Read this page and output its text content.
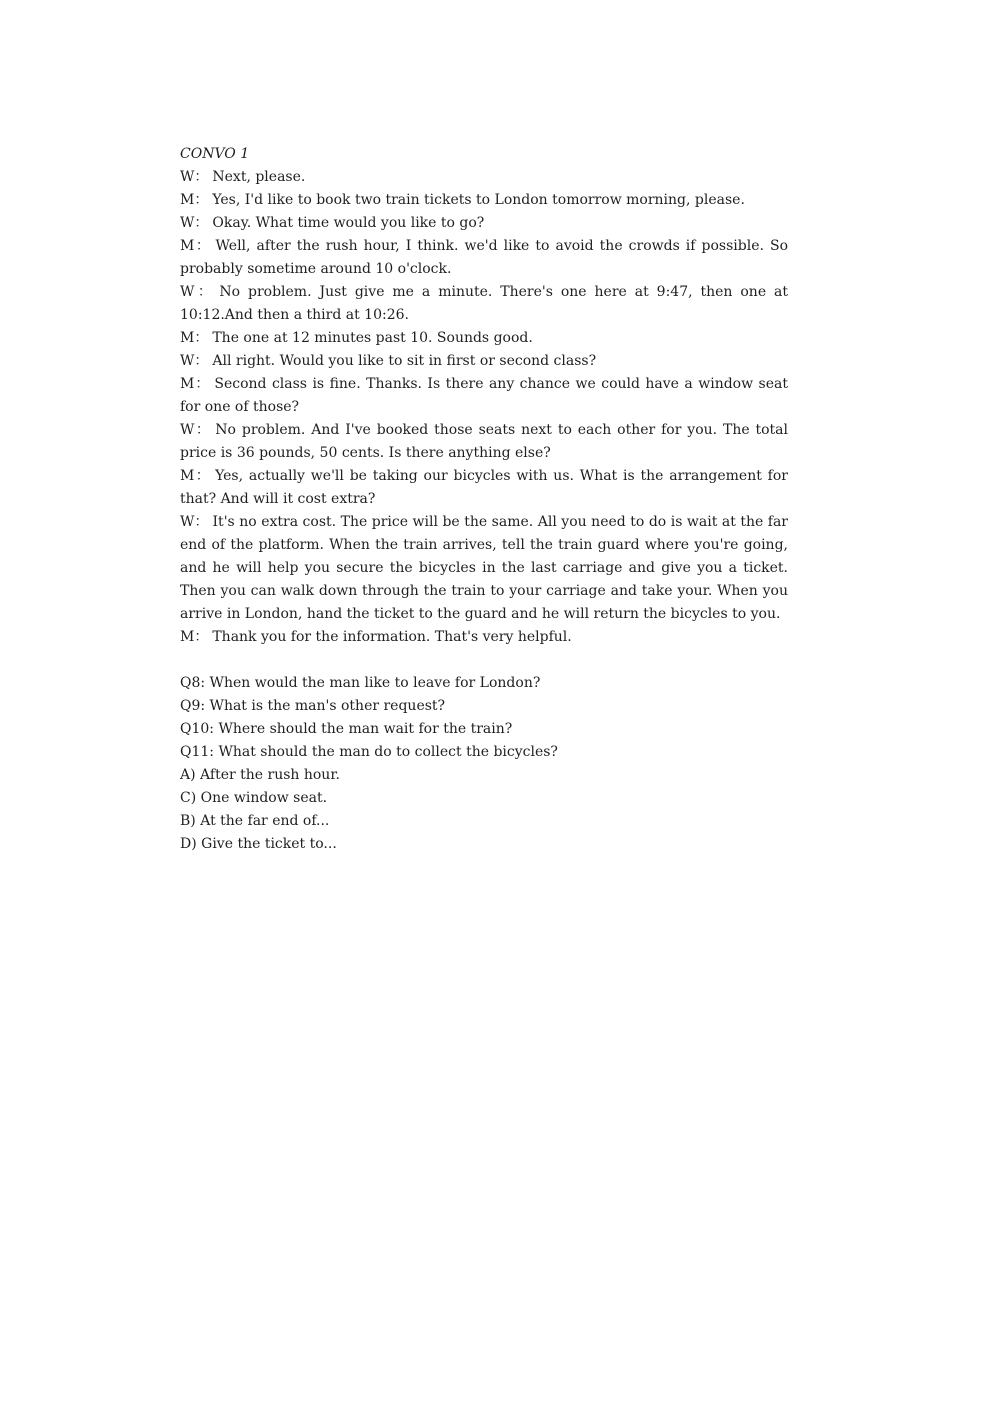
CONVO 1

W： Next, please.

M： Yes, I'd like to book two train tickets to London tomorrow morning, please.

W： Okay. What time would you like to go?

M： Well, after the rush hour, I think. we'd like to avoid the crowds if possible. So probably sometime around 10 o'clock.

W： No problem. Just give me a minute. There's one here at 9:47, then one at 10:12.And then a third at 10:26.

M： The one at 12 minutes past 10. Sounds good.

W： All right. Would you like to sit in first or second class?

M： Second class is fine. Thanks. Is there any chance we could have a window seat for one of those?

W： No problem. And I've booked those seats next to each other for you. The total price is 36 pounds, 50 cents. Is there anything else?

M： Yes, actually we'll be taking our bicycles with us. What is the arrangement for that? And will it cost extra?

W： It's no extra cost. The price will be the same. All you need to do is wait at the far end of the platform. When the train arrives, tell the train guard where you're going, and he will help you secure the bicycles in the last carriage and give you a ticket. Then you can walk down through the train to your carriage and take your. When you arrive in London, hand the ticket to the guard and he will return the bicycles to you.

M： Thank you for the information. That's very helpful.

Q8: When would the man like to leave for London?

Q9: What is the man's other request?

Q10: Where should the man wait for the train?

Q11: What should the man do to collect the bicycles?

A) After the rush hour.

C) One window seat.

B) At the far end of...

D) Give the ticket to...
